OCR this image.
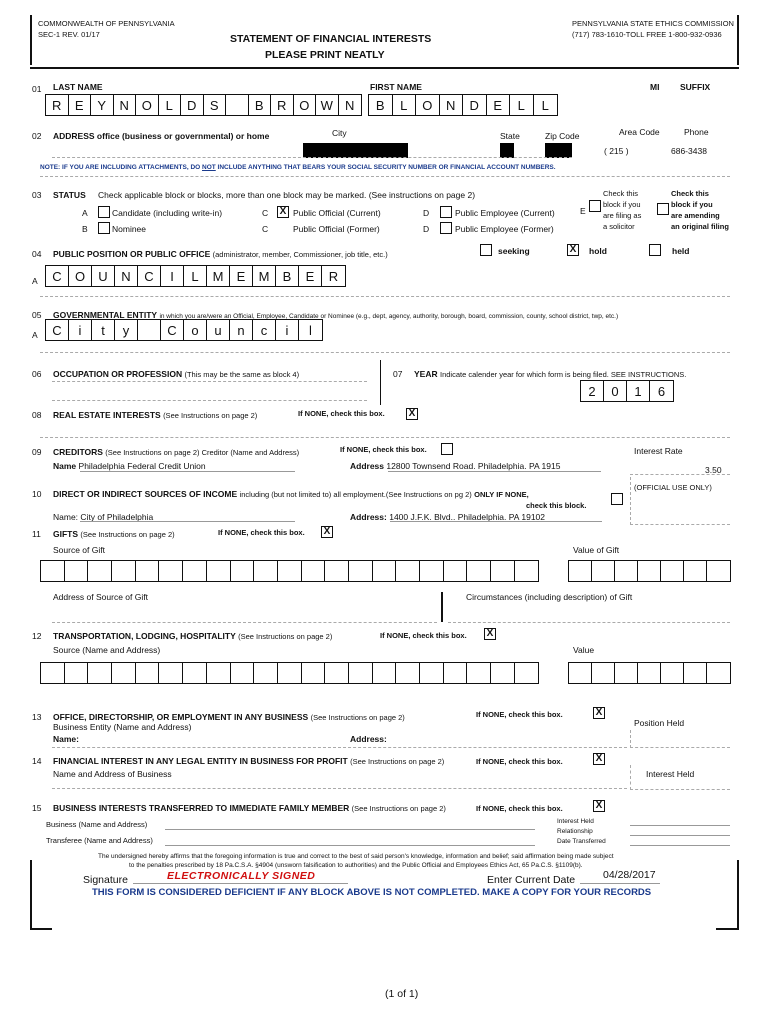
COMMONWEALTH OF PENNSYLVANIA
SEC-1 REV. 01/17	STATEMENT OF FINANCIAL INTERESTS
PLEASE PRINT NEATLY
PENNSYLVANIA STATE ETHICS COMMISSION
(717) 783-1610-TOLL FREE 1-800-932-0936
01 LAST NAME	FIRST NAME	MI SUFFIX
R	E	Y	N O	L	D	S	B	R O W N	B	L	O	N	D	E	L	L
02 ADDRESS office (business or governmental) or home	City	State	Zip Code	Area Code	Phone
( 215 )	686-3438
NOTE: IF YOU ARE INCLUDING ATTACHMENTS, DO NOT INCLUDE ANYTHING THAT BEARS YOUR SOCIAL SECURITY NUMBER OR FINANCIAL ACCOUNT NUMBERS.
03 STATUS Check applicable block or blocks, more than one block may be marked. (See instructions on page 2)
A	Candidate (including write-in)
B	Nominee
C X Public Official (Current)
C	Public Official (Former)
D	Public Employee (Current)
D	Public Employee (Former)
E
Check this
block if you
are filing as
a solicitor
Check this
block if you
are amending
an original filing
04 PUBLIC POSITION OR PUBLIC OFFICE (administrator, member, Commissioner, job title, etc.)	seeking	X	hold	held
A	C	O	U	N	C	I	L	M	E	M	B	E	R
05 GOVERNMENTAL ENTITY in which you are/were an Official, Employee, Candidate or Nominee (e.g., dept, agency, authority, borough, board, commission, county, school district, twp, etc.)
A	C	i	t	y	C	o	u	n	c	i	l
06 OCCUPATION OR PROFESSION (This may be the same as block 4)	07 YEAR Indicate calender year for which form is being filed. SEE INSTRUCTIONS.
2	0	1	6
08 REAL ESTATE INTERESTS (See Instructions on page 2)	If NONE, check this box. X
09 CREDITORS (See Instructions on page 2) Creditor (Name and Address)	If NONE, check this box.	Interest Rate
Name Philadelphia Federal Credit Union	Address 12800 Townsend Road. Philadelphia. PA 1915	3.50
10 DIRECT OR INDIRECT SOURCES OF INCOME including (but not limited to) all employment.(See Instructions on pg 2) ONLY IF NONE,
check this block.
(OFFICIAL USE ONLY)
Name: City of Philadelphia	Address: 1400 J.F.K. Blvd.. Philadelphia. PA 19102
11 GIFTS (See Instructions on page 2)	If NONE, check this box. X
Source of Gift	Value of Gift
Address of Source of Gift	Circumstances (including description) of Gift
12 TRANSPORTATION, LODGING, HOSPITALITY (See Instructions on page 2)	If NONE, check this box. X
Source (Name and Address)	Value
13 OFFICE, DIRECTORSHIP, OR EMPLOYMENT IN ANY BUSINESS (See Instructions on page 2)	If NONE, check this box.	X
Position Held
Business Entity (Name and Address)
Name:	Address:
14 FINANCIAL INTEREST IN ANY LEGAL ENTITY IN BUSINESS FOR PROFIT (See Instructions on page 2)	If NONE, check this box.	X
Name and Address of Business	Interest Held
15 BUSINESS INTERESTS TRANSFERRED TO IMMEDIATE FAMILY MEMBER (See Instructions on page 2)	If NONE, check this box.	X
Business (Name and Address)
Transferee (Name and Address)
Interest Held
Relationship
Date Transferred
The undersigned hereby affirms that the foregoing information is true and correct to the best of said person's knowledge, information and belief; said affirmation being made subject
to the penalties prescribed by 18 Pa.C.S.A. §4904 (unsworn falsification to authorities) and the Public Official and Employees Ethics Act, 65 Pa.C.S. §1109(b).
Signature	ELECTRONICALLY SIGNED	Enter Current Date	04/28/2017
THIS FORM IS CONSIDERED DEFICIENT IF ANY BLOCK ABOVE IS NOT COMPLETED. MAKE A COPY FOR YOUR RECORDS
(1 of 1)
